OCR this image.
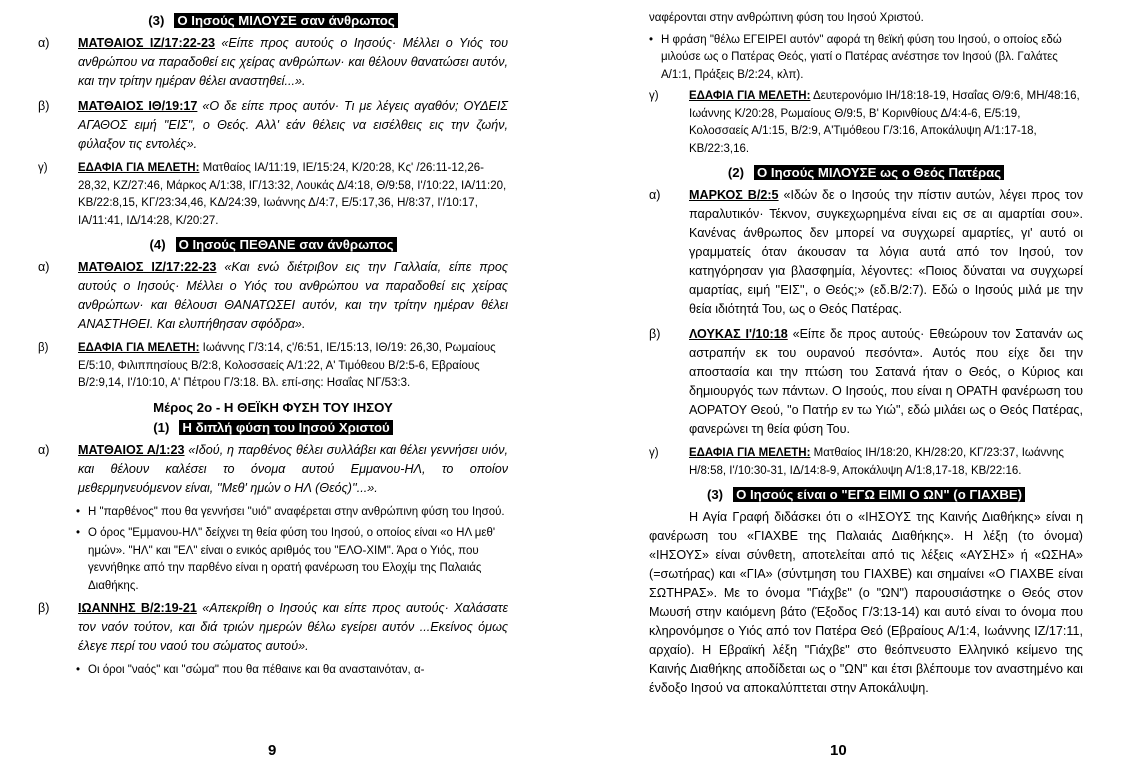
(3) Ο Ιησούς ΜΙΛΟΥΣΕ σαν άνθρωπος
α) ΜΑΤΘΑΙΟΣ ΙΖ/17:22-23 «Είπε προς αυτούς ο Ιησούς· Μέλλει ο Υιός του ανθρώπου να παραδοθεί εις χείρας ανθρώπων· και θέλουν θανατώσει αυτόν, και την τρίτην ημέραν θέλει αναστηθεί...».
β) ΜΑΤΘΑΙΟΣ ΙΘ/19:17 «Ο δε είπε προς αυτόν· Τι με λέγεις αγαθόν; ΟΥΔΕΙΣ ΑΓΑΘΟΣ ειμή "ΕΙΣ", ο Θεός. Αλλ' εάν θέλεις να εισέλθεις εις την ζωήν, φύλαξον τις εντολές».
γ)	ΕΔΑΦΙΑ ΓΙΑ ΜΕΛΕΤΗ: Ματθαίος ΙΑ/11:19, ΙΕ/15:24, Κ/20:28, Κς' /26:11-12,26-28,32, ΚΖ/27:46, Μάρκος Α/1:38, ΙΓ/13:32, Λουκάς Δ/4:18, Θ/9:58, Ι'/10:22, ΙΑ/11:20, ΚΒ/22:8,15, ΚΓ/23:34,46, ΚΔ/24:39, Ιωάννης Δ/4:7, Ε/5:17,36, Η/8:37, Ι'/10:17, ΙΑ/11:41, ΙΔ/14:28, Κ/20:27.
(4) Ο Ιησούς ΠΕΘΑΝΕ σαν άνθρωπος
α) ΜΑΤΘΑΙΟΣ ΙΖ/17:22-23 «Και ενώ διέτριβον εις την Γαλλαία, είπε προς αυτούς ο Ιησούς· Μέλλει ο Υιός του ανθρώπου να παραδοθεί εις χείρας ανθρώπων· και θέλουσι ΘΑΝΑΤΩΣΕΙ αυτόν, και την τρίτην ημέραν θέλει ΑΝΑΣΤΗΘΕΙ. Και ελυπήθησαν σφόδρα».
β)	ΕΔΑΦΙΑ ΓΙΑ ΜΕΛΕΤΗ: Ιωάννης Γ/3:14, ς'/6:51, ΙΕ/15:13, ΙΘ/19: 26,30, Ρωμαίους Ε/5:10, Φιλιππησίους Β/2:8, Κολοσσαείς Α/1:22, Α' Τιμόθεου Β/2:5-6, Εβραίους Β/2:9,14, Ι'/10:10, Α' Πέτρου Γ/3:18. Βλ. επί-σης: Ησαΐας ΝΓ/53:3.
Μέρος 2ο - Η ΘΕΪΚΗ ΦΥΣΗ ΤΟΥ ΙΗΣΟΥ
(1) Η διπλή φύση του Ιησού Χριστού
α) ΜΑΤΘΑΙΟΣ Α/1:23 «Ιδού, η παρθένος θέλει συλλάβει και θέλει γεννήσει υιόν, και θέλουν καλέσει το όνομα αυτού Εμμανου-ΗΛ, το οποίον μεθερμηνευόμενον είναι, ''Μεθ' ημών ο ΗΛ (Θεός)''...».
• Η "παρθένος" που θα γεννήσει "υιό" αναφέρεται στην ανθρώπινη φύση του Ιησού.
• Ο όρος "Εμμανου-ΗΛ" δείχνει τη θεία φύση του Ιησού, ο οποίος είναι «ο ΗΛ μεθ' ημών». "ΗΛ" και "ΕΛ" είναι ο ενικός αριθμός του "ΕΛΟ-ΧΙΜ". Άρα ο Υιός, που γεννήθηκε από την παρθένο είναι η ορατή φανέρωση του Ελοχίμ της Παλαιάς Διαθήκης.
β) ΙΩΑΝΝΗΣ Β/2:19-21 «Απεκρίθη ο Ιησούς και είπε προς αυτούς· Χαλάσατε τον ναόν τούτον, και διά τριών ημερών θέλω εγείρει αυτόν ...Εκείνος όμως έλεγε περί του ναού του σώματος αυτού».
• Οι όροι "ναός" και "σώμα" που θα πέθαινε και θα ανασταινόταν, α-
9
ναφέρονται στην ανθρώπινη φύση του Ιησού Χριστού.
• Η φράση "θέλω ΕΓΕΙΡΕΙ αυτόν" αφορά τη θεϊκή φύση του Ιησού, ο οποίος εδώ μιλούσε ως ο Πατέρας Θεός, γιατί ο Πατέρας ανέστησε τον Ιησού (βλ. Γαλάτες Α/1:1, Πράξεις Β/2:24, κλπ).
γ)	ΕΔΑΦΙΑ ΓΙΑ ΜΕΛΕΤΗ: Δευτερονόμιο ΙΗ/18:18-19, Ησαΐας Θ/9:6, ΜΗ/48:16, Ιωάννης Κ/20:28, Ρωμαίους Θ/9:5, Β' Κορινθίους Δ/4:4-6, Ε/5:19, Κολοσσαείς Α/1:15, Β/2:9, Α'Τιμόθεου Γ/3:16, Αποκάλυψη Α/1:17-18, ΚΒ/22:3,16.
(2) Ο Ιησούς ΜΙΛΟΥΣΕ ως ο Θεός Πατέρας
α) ΜΑΡΚΟΣ Β/2:5 «Ιδών δε ο Ιησούς την πίστιν αυτών, λέγει προς τον παραλυτικόν· Τέκνον, συγκεχωρημένα είναι εις σε αι αμαρτίαι σου». Κανένας άνθρωπος δεν μπορεί να συγχωρεί αμαρτίες, γι' αυτό οι γραμματείς όταν άκουσαν τα λόγια αυτά από τον Ιησού, τον κατηγόρησαν για βλασφημία, λέγοντες: «Ποιος δύναται να συγχωρεί αμαρτίας, ειμή ''ΕΙΣ'', ο Θεός;» (εδ.Β/2:7). Εδώ ο Ιησούς μιλά με την θεία ιδιότητά Του, ως ο Θεός Πατέρας.
β) ΛΟΥΚΑΣ Ι'/10:18 «Είπε δε προς αυτούς· Εθεώρουν τον Σατανάν ως αστραπήν εκ του ουρανού πεσόντα». Αυτός που είχε δει την αποστασία και την πτώση του Σατανά ήταν ο Θεός, ο Κύριος και δημιουργός των πάντων. Ο Ιησούς, που είναι η ΟΡΑΤΗ φανέρωση του ΑΟΡΑΤΟΥ Θεού, "ο Πατήρ εν τω Υιώ", εδώ μιλάει ως ο Θεός Πατέρας, φανερώνει τη θεία φύση Του.
γ)	ΕΔΑΦΙΑ ΓΙΑ ΜΕΛΕΤΗ: Ματθαίος ΙΗ/18:20, ΚΗ/28:20, ΚΓ/23:37, Ιωάννης Η/8:58, Ι'/10:30-31, ΙΔ/14:8-9, Αποκάλυψη Α/1:8,17-18, ΚΒ/22:16.
(3) Ο Ιησούς είναι ο "ΕΓΩ ΕΙΜΙ Ο ΩΝ" (ο ΓΙΑΧΒΕ)
Η Αγία Γραφή διδάσκει ότι ο «ΙΗΣΟΥΣ της Καινής Διαθήκης» είναι η φανέρωση του «ΓΙΑΧΒΕ της Παλαιάς Διαθήκης». Η λέξη (το όνομα) «ΙΗΣΟΥΣ» είναι σύνθετη, αποτελείται από τις λέξεις «ΑΥΣΗΣ» ή «ΩΣΗΑ» (=σωτήρας) και «ΓΙΑ» (σύντμηση του ΓΙΑΧΒΕ) και σημαίνει «Ο ΓΙΑΧΒΕ είναι ΣΩΤΗΡΑΣ». Με το όνομα "Γιάχβε" (ο "ΩΝ") παρουσιάστηκε ο Θεός στον Μωυσή στην καιόμενη βάτο (Έξοδος Γ/3:13-14) και αυτό είναι το όνομα που κληρονόμησε ο Υιός από τον Πατέρα Θεό (Εβραίους Α/1:4, Ιωάννης ΙΖ/17:11, αρχαίο). Η Εβραϊκή λέξη "Γιάχβε" στο θεόπνευστο Ελληνικό κείμενο της Καινής Διαθήκης αποδίδεται ως ο "ΩΝ" και έτσι βλέπουμε τον αναστημένο και ένδοξο Ιησού να αποκαλύπτεται στην Αποκάλυψη.
10
